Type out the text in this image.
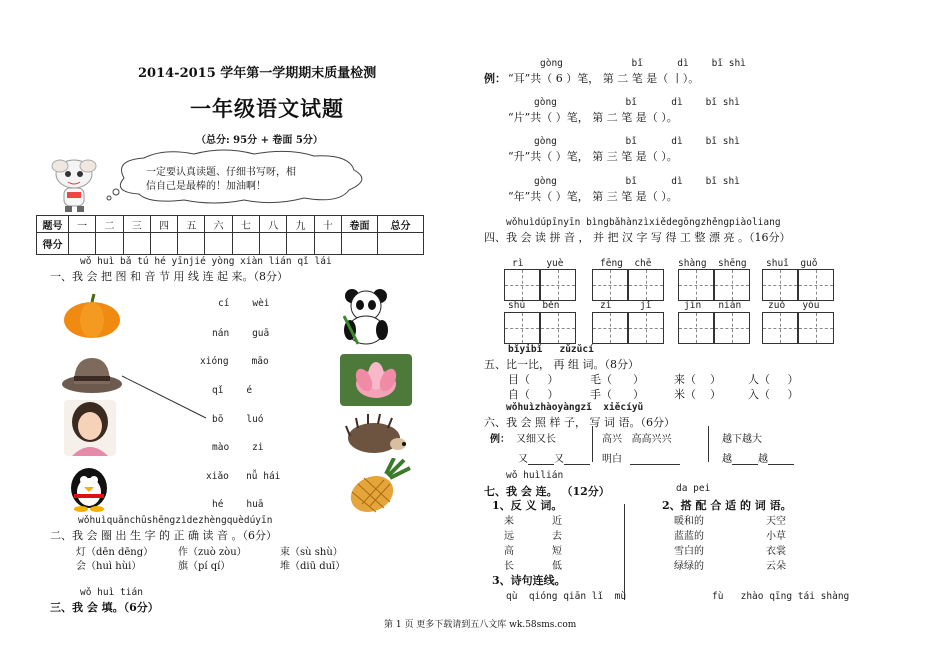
2014-2015 学年第一学期期末质量检测
一年级语文试题
（总分: 95分 + 卷面 5分）
一定要认真读题、仔细书写呀，相
信自己是最棒的！加油啊！
题号	一	二	三	四	五	六	七	八	九	十	卷面	总分
得分												
wǒ huì bǎ tú hé yīnjié yòng xiàn lián qǐ lái
一、我 会 把 图 和 音 节 用 线 连 起 来。（8分）
cí wèi
nán guā
xióng māo
qǐ é
bō luó
mào zi
xiǎo nǚ hái
hé huā
wǒhuìquānchūshēngzìdezhèngquèdúyīn
二、我 会 圈 出 生 字 的 正 确 读 音 。（6分）
灯（dēn dēng） 作（zuò zòu）	束（sù shù）
会（huì hùi）	旗（pí qí）	堆（diū duī）
wǒ huì tián
三、我 会 填。（6分）
例：
gòng            bǐ      dì    bǐ shì
“耳”共（ 6 ）笔， 第 二 笔 是（ 丨）。
gòng            bǐ      dì    bǐ shì
“片”共（ ）笔， 第 二 笔 是（ ）。
gòng            bǐ      dì    bǐ shì
“升”共（ ）笔， 第 三 笔 是（ ）。
gòng            bǐ      dì    bǐ shì
“年”共（ ）笔， 第 三 笔 是（ ）。
wǒhuìdúpīnyīn bìngbǎhànzìxiědegōngzhěngpiàoliang
四、我 会 读 拼 音 ， 并 把 汉 字 写 得 工 整 漂 亮 。（16分）
rì    yuè	fēng  chē	shàng  shēng shuǐ  guǒ
shù   běn	zì     jǐ	jīn   nián	zuǒ   yòu
bǐyibǐ   zǔzǔcí
五、比一比， 再 组 词。（8分）
目（     ）	毛（      ）	来（    ） 人（     ）
自（     ）	手（      ）	米（    ） 入（     ）
wǒhuìzhàoyàngzǐ  xiěcíyǔ
六、我 会 照 样 子， 写 词 语。（6分）
例： 又细又长
又	又
高兴   高高兴兴
明白
越下越大
越	越
wǒ huìlián
da pei
七、我 会 连。 （12分）
1、反 义 词。	2、搭 配 合 适 的 词 语。
来	近
远	去
高	短
长	低
暖和的	天空
蓝蓝的	小草
雪白的	衣裳
绿绿的	云朵
3、诗句连线。
qù  qióng qiān lǐ  mù	fù   zhào qīng tái shàng
第 1 页 更多下载请到五八文库 wk.58sms.com
